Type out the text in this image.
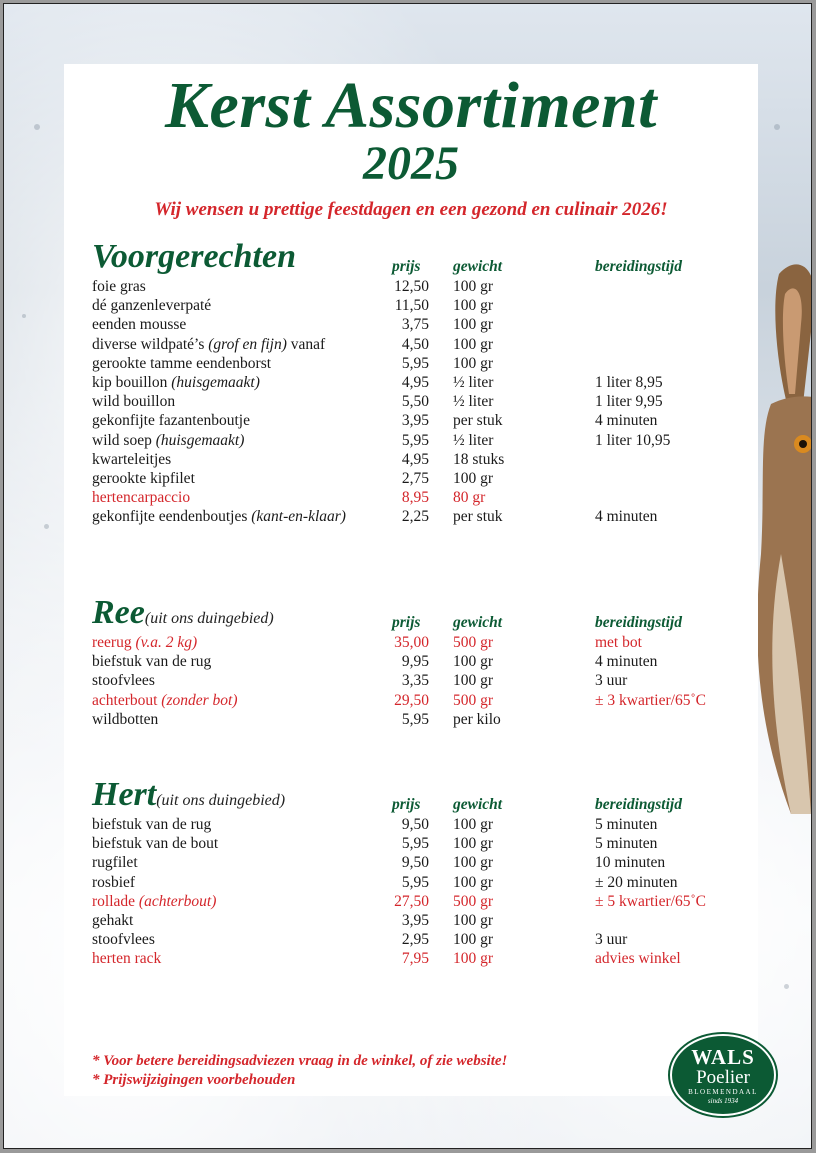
Kerst Assortiment
2025
Wij wensen u prettige feestdagen en een gezond en culinair 2026!
Voorgerechten	prijs gewicht	bereidingstijd
foie gras	12,50 100 gr
dé ganzenleverpaté	11,50 100 gr
eenden mousse	3,75 100 gr
diverse wildpaté’s (grof en fijn) vanaf	4,50 100 gr
gerookte tamme eendenborst	5,95 100 gr
kip bouillon (huisgemaakt)	4,95 ½ liter	1 liter 8,95
wild bouillon	5,50 ½ liter	1 liter 9,95
gekonfijte fazantenboutje	3,95 per stuk	4 minuten
wild soep (huisgemaakt)	5,95 ½ liter	1 liter 10,95
kwarteleitjes	4,95 18 stuks
gerookte kipfilet	2,75 100 gr
hertencarpaccio	8,95 80 gr
gekonfijte eendenboutjes (kant-en-klaar)	2,25 per stuk	4 minuten
Ree(uit ons duingebied)	prijs gewicht	bereidingstijd
reerug (v.a. 2 kg)	35,00 500 gr	met bot
biefstuk van de rug	9,95 100 gr	4 minuten
stoofvlees	3,35 100 gr	3 uur
achterbout (zonder bot)	29,50 500 gr	± 3 kwartier/65˚C
wildbotten	5,95 per kilo
Hert(uit ons duingebied)	prijs gewicht	bereidingstijd
biefstuk van de rug	9,50 100 gr	5 minuten
biefstuk van de bout	5,95 100 gr	5 minuten
rugfilet	9,50 100 gr	10 minuten
rosbief	5,95 100 gr	± 20 minuten
rollade (achterbout)	27,50 500 gr	± 5 kwartier/65˚C
gehakt	3,95 100 gr
stoofvlees	2,95 100 gr	3 uur
herten rack	7,95 100 gr	advies winkel
* Voor betere bereidingsadviezen vraag in de winkel, of zie website!
* Prijswijzigingen voorbehouden
WALS
Poelier
BLOEMENDAAL
sinds 1934
